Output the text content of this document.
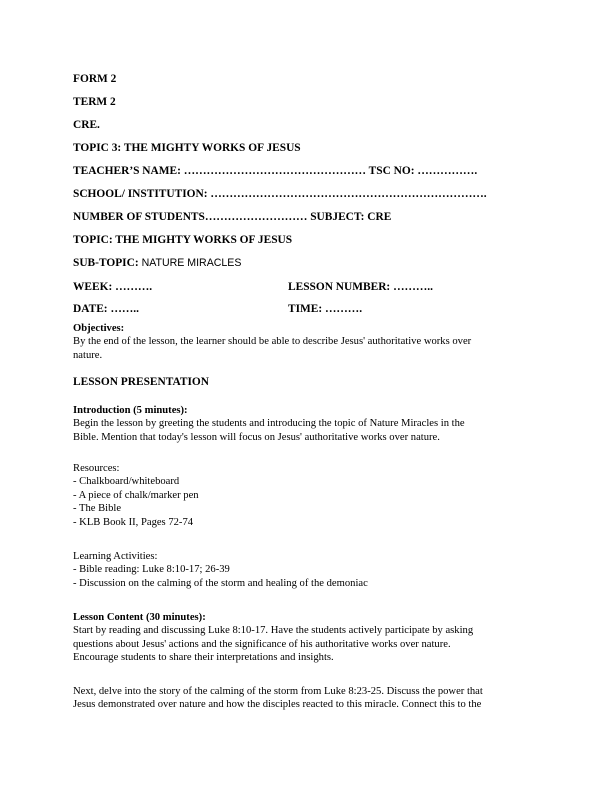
FORM 2
TERM 2
CRE.
TOPIC 3: THE MIGHTY WORKS OF JESUS
TEACHER’S NAME: ………………………………………… TSC NO: …………….
SCHOOL/ INSTITUTION: ……………………………………………………………….
NUMBER OF STUDENTS……………………… SUBJECT: CRE
TOPIC: THE MIGHTY WORKS OF JESUS
SUB-TOPIC: NATURE MIRACLES
WEEK: ……….	LESSON NUMBER: ………..
DATE: ……..	TIME: ……….
Objectives:
By the end of the lesson, the learner should be able to describe Jesus' authoritative works over
nature.
LESSON PRESENTATION
Introduction (5 minutes):
Begin the lesson by greeting the students and introducing the topic of Nature Miracles in the
Bible. Mention that today's lesson will focus on Jesus' authoritative works over nature.
Resources:
- Chalkboard/whiteboard
- A piece of chalk/marker pen
- The Bible
- KLB Book II, Pages 72-74
Learning Activities:
- Bible reading: Luke 8:10-17; 26-39
- Discussion on the calming of the storm and healing of the demoniac
Lesson Content (30 minutes):
Start by reading and discussing Luke 8:10-17. Have the students actively participate by asking
questions about Jesus' actions and the significance of his authoritative works over nature.
Encourage students to share their interpretations and insights.
Next, delve into the story of the calming of the storm from Luke 8:23-25. Discuss the power that
Jesus demonstrated over nature and how the disciples reacted to this miracle. Connect this to the
